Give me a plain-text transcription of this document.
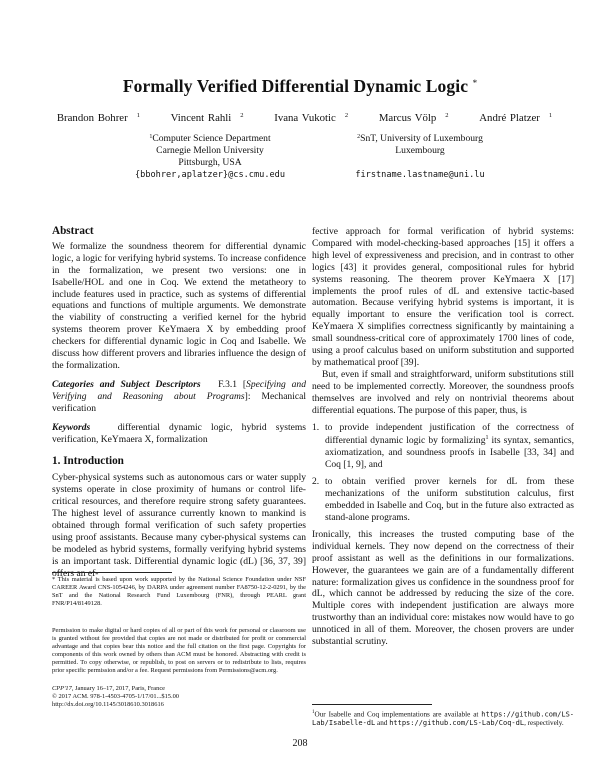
Formally Verified Differential Dynamic Logic *
Brandon Bohrer $^1$	Vincent Rahli $^2$	Ivana Vukotic $^2$	Marcus Völp $^2$	André Platzer $^1$
$^1$Computer Science Department
Carnegie Mellon University
Pittsburgh, USA
{bbohrer,aplatzer}@cs.cmu.edu
$^2$SnT, University of Luxembourg
Luxembourg
firstname.lastname@uni.lu
Abstract

We formalize the soundness theorem for differential dynamic logic, a logic for verifying hybrid systems. To increase confidence in the formalization, we present two versions: one in Isabelle/HOL and one in Coq. We extend the metatheory to include features used in practice, such as systems of differential equations and functions of multiple arguments. We demonstrate the viability of constructing a verified kernel for the hybrid systems theorem prover KeYmaera X by embedding proof checkers for differential dynamic logic in Coq and Isabelle. We discuss how different provers and libraries influence the design of the formalization.

Categories and Subject Descriptors F.3.1 [Specifying and Verifying and Reasoning about Programs]: Mechanical verification

Keywords	differential dynamic logic, hybrid systems verification, KeYmaera X, formalization

1. Introduction

Cyber-physical systems such as autonomous cars or water supply systems operate in close proximity of humans or control life-critical resources, and therefore require strong safety guarantees. The highest level of assurance currently known to mankind is obtained through formal verification of such safety properties using proof assistants. Because many cyber-physical systems can be modeled as hybrid systems, formally verifying hybrid systems is an important task. Differential dynamic logic (dL) [36, 37, 39] offers an ef-

* This material is based upon work supported by the National Science Foundation under NSF CAREER Award CNS-1054246, by DARPA under agreement number FA8750-12-2-0291, by the SnT and the National Research Fund Luxembourg (FNR), through PEARL grant FNR/P14/8149128.
Permission to make digital or hard copies of all or part of this work for personal or classroom use is granted without fee provided that copies are not made or distributed for profit or commercial advantage and that copies bear this notice and the full citation on the first page. Copyrights for components of this work owned by others than ACM must be honored. Abstracting with credit is permitted. To copy otherwise, or republish, to post on servers or to redistribute to lists, requires prior specific permission and/or a fee. Request permissions from Permissions@acm.org.
CPP'17, January 16–17, 2017, Paris, France
© 2017 ACM. 978-1-4503-4705-1/17/01...$15.00
http://dx.doi.org/10.1145/3018610.3018616

fective approach for formal verification of hybrid systems: Compared with model-checking-based approaches [15] it offers a high level of expressiveness and precision, and in contrast to other logics [43] it provides general, compositional rules for hybrid systems reasoning. The theorem prover KeYmaera X [17] implements the proof rules of dL and extensive tactic-based automation. Because verifying hybrid systems is important, it is equally important to ensure the verification tool is correct. KeYmaera X simplifies correctness significantly by maintaining a small soundness-critical core of approximately 1700 lines of code, using a proof calculus based on uniform substitution and supported by mathematical proof [39].

But, even if small and straightforward, uniform substitutions still need to be implemented correctly. Moreover, the soundness proofs themselves are involved and rely on nontrivial theorems about differential equations. The purpose of this paper, thus, is

1. to provide independent justification of the correctness of differential dynamic logic by formalizing$^1$ its syntax, semantics, axiomatization, and soundness proofs in Isabelle [33, 34] and Coq [1, 9], and
2. to obtain verified prover kernels for dL from these mechanizations of the uniform substitution calculus, first embedded in Isabelle and Coq, but in the future also extracted as stand-alone programs.

Ironically, this increases the trusted computing base of the individual kernels. They now depend on the correctness of their proof assistant as well as the definitions in our formalizations. However, the guarantees we gain are of a fundamentally different nature: formalization gives us confidence in the soundness proof for dL, which cannot be addressed by reducing the size of the core. Multiple cores with independent justification are always more trustworthy than an individual core: mistakes now would have to go unnoticed in all of them. Moreover, the chosen provers are under substantial scrutiny.

$^1$Our Isabelle and Coq implementations are available at https://github.com/LS-Lab/Isabelle-dL and https://github.com/LS-Lab/Coq-dL, respectively.
208
